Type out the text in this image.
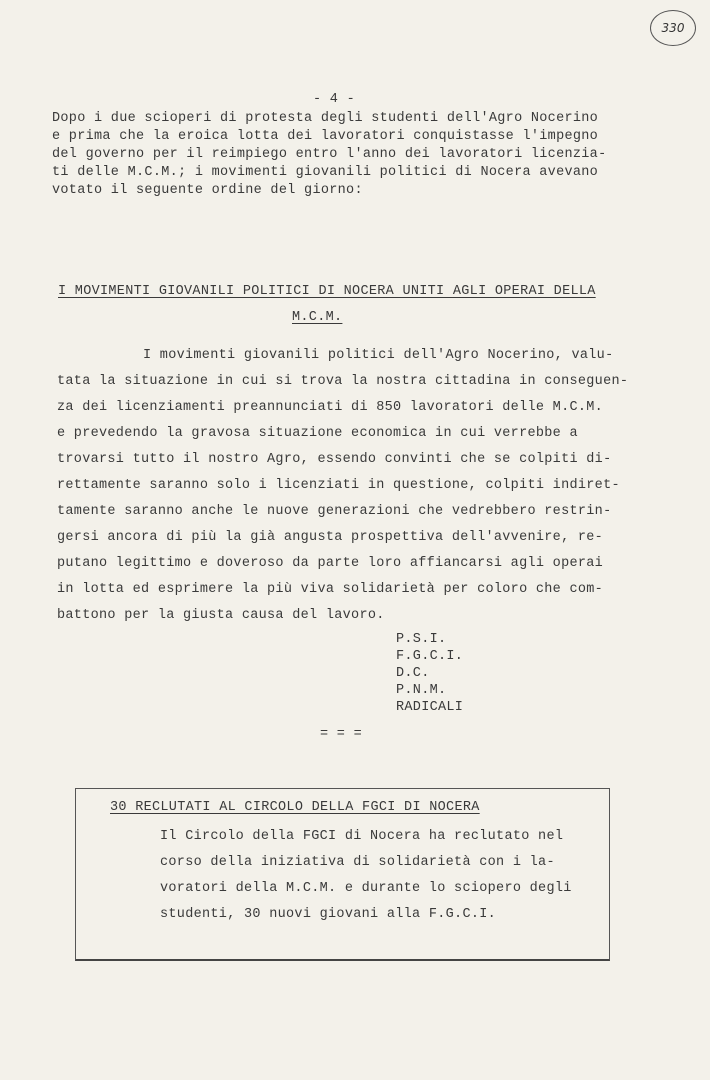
330
- 4 -
Dopo i due scioperi di protesta degli studenti dell'Agro Nocerino
e prima che la eroica lotta dei lavoratori conquistasse l'impegno
del governo per il reimpiego entro l'anno dei lavoratori licenzia-
ti delle M.C.M.; i movimenti giovanili politici di Nocera avevano
votato il seguente ordine del giorno:
I MOVIMENTI GIOVANILI POLITICI DI NOCERA UNITI AGLI OPERAI DELLA
M.C.M.
I movimenti giovanili politici dell'Agro Nocerino, valu-
tata la situazione in cui si trova la nostra cittadina in conseguen-
za dei licenziamenti preannunciati di 850 lavoratori delle M.C.M.
e prevedendo la gravosa situazione economica in cui verrebbe a
trovarsi tutto il nostro Agro, essendo convinti che se colpiti di-
rettamente saranno solo i licenziati in questione, colpiti indiret-
tamente saranno anche le nuove generazioni che vedrebbero restrin-
gersi ancora di più la già angusta prospettiva dell'avvenire, re-
putano legittimo e doveroso da parte loro affiancarsi agli operai
in lotta ed esprimere la più viva solidarietà per coloro che com-
battono per la giusta causa del lavoro.
P.S.I.
F.G.C.I.
D.C.
P.N.M.
RADICALI
= = =
30 RECLUTATI AL CIRCOLO DELLA FGCI DI NOCERA
Il Circolo della FGCI di Nocera ha reclutato nel
corso della iniziativa di solidarietà con i la-
voratori della M.C.M. e durante lo sciopero degli
studenti, 30 nuovi giovani alla F.G.C.I.
